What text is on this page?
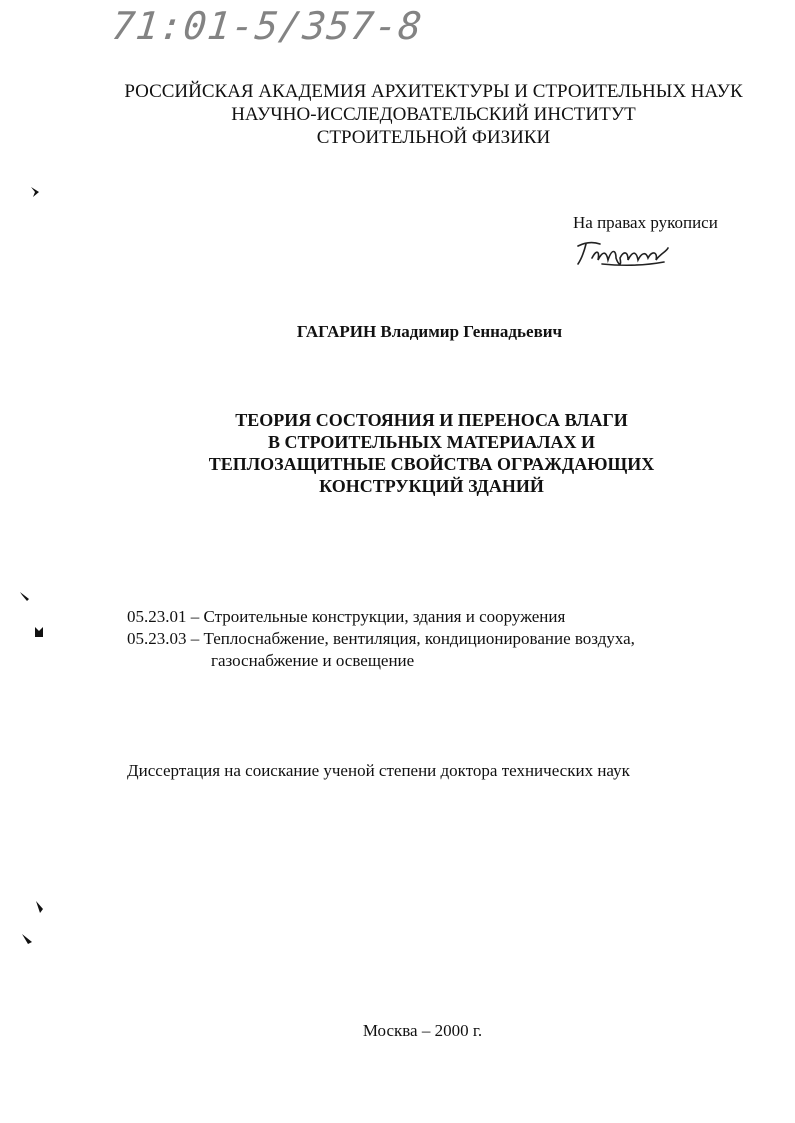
71:01-5/357-8
РОССИЙСКАЯ АКАДЕМИЯ АРХИТЕКТУРЫ И СТРОИТЕЛЬНЫХ НАУК
НАУЧНО-ИССЛЕДОВАТЕЛЬСКИЙ ИНСТИТУТ
СТРОИТЕЛЬНОЙ ФИЗИКИ
На правах рукописи
ГАГАРИН Владимир Геннадьевич
ТЕОРИЯ СОСТОЯНИЯ И ПЕРЕНОСА ВЛАГИ
В СТРОИТЕЛЬНЫХ МАТЕРИАЛАХ И
ТЕПЛОЗАЩИТНЫЕ СВОЙСТВА ОГРАЖДАЮЩИХ
КОНСТРУКЦИЙ ЗДАНИЙ
05.23.01 – Строительные конструкции, здания и сооружения
05.23.03 – Теплоснабжение, вентиляция, кондиционирование воздуха,
газоснабжение и освещение
Диссертация на соискание ученой степени доктора технических наук
Москва – 2000 г.
